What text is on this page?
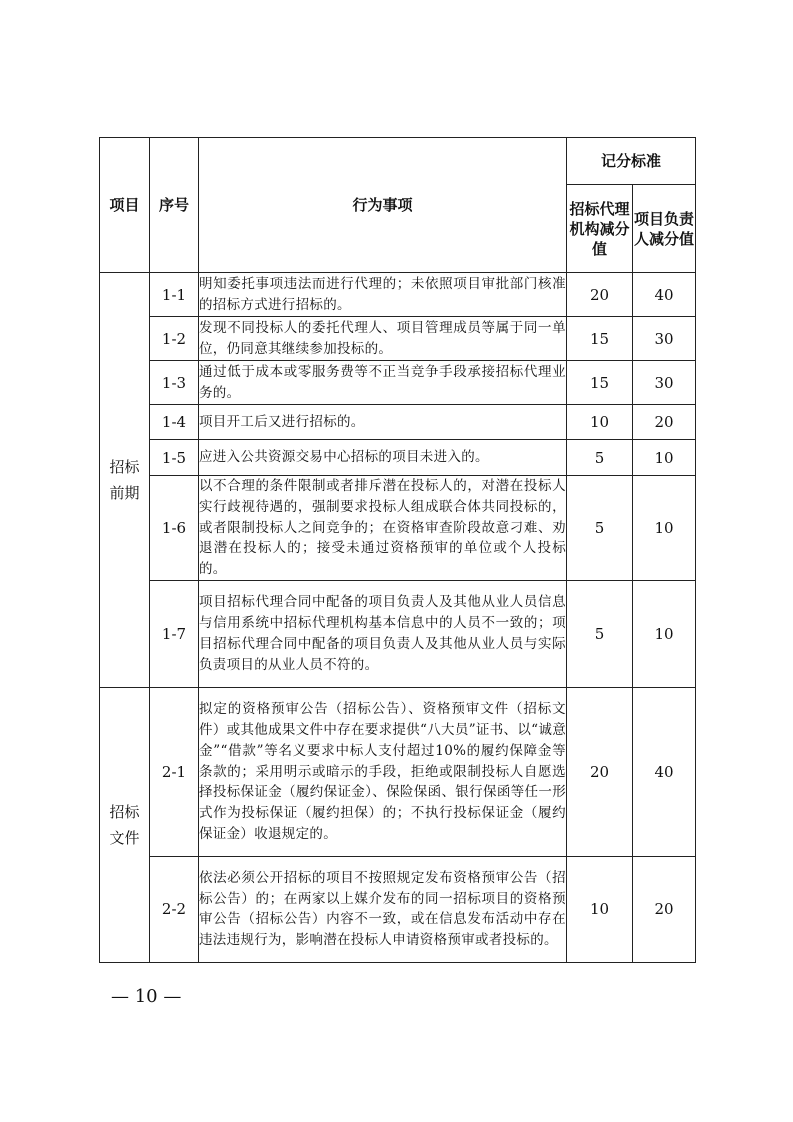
项目	序号	行为事项	记分标准	
			招标代理机构减分值	项目负责人减分值
招标前期	1-1	明知委托事项违法而进行代理的；未依照项目审批部门核准的招标方式进行招标的。	20	40
	1-2	发现不同投标人的委托代理人、项目管理成员等属于同一单位，仍同意其继续参加投标的。	15	30
	1-3	通过低于成本或零服务费等不正当竞争手段承接招标代理业务的。	15	30
	1-4	项目开工后又进行招标的。	10	20
	1-5	应进入公共资源交易中心招标的项目未进入的。	5	10
	1-6	以不合理的条件限制或者排斥潜在投标人的，对潜在投标人实行歧视待遇的，强制要求投标人组成联合体共同投标的，或者限制投标人之间竞争的；在资格审查阶段故意刁难、劝退潜在投标人的；接受未通过资格预审的单位或个人投标的。	5	10
	1-7	项目招标代理合同中配备的项目负责人及其他从业人员信息与信用系统中招标代理机构基本信息中的人员不一致的；项目招标代理合同中配备的项目负责人及其他从业人员与实际负责项目的从业人员不符的。	5	10
招标文件	2-1	拟定的资格预审公告（招标公告）、资格预审文件（招标文件）或其他成果文件中存在要求提供“八大员”证书、以“诚意金”“借款”等名义要求中标人支付超过10%的履约保障金等条款的；采用明示或暗示的手段，拒绝或限制投标人自愿选择投标保证金（履约保证金）、保险保函、银行保函等任一形式作为投标保证（履约担保）的；不执行投标保证金（履约保证金）收退规定的。	20	40
	2-2	依法必须公开招标的项目不按照规定发布资格预审公告（招标公告）的；在两家以上媒介发布的同一招标项目的资格预审公告（招标公告）内容不一致，或在信息发布活动中存在违法违规行为，影响潜在投标人申请资格预审或者投标的。	10	20
— 10 —
